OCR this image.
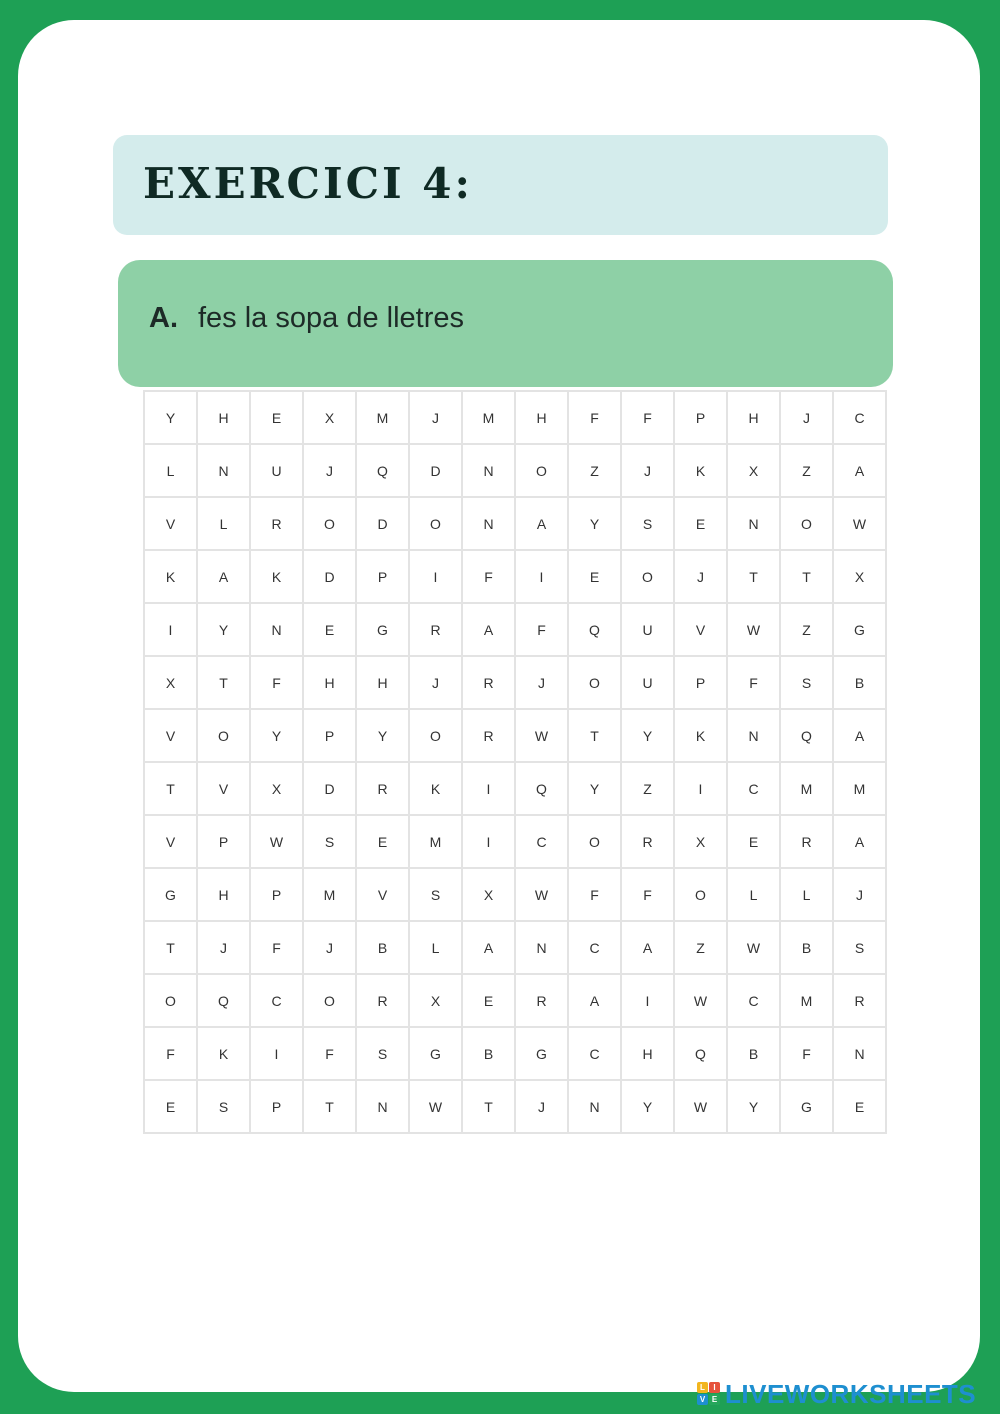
EXERCICI 4:
A. fes la sopa de lletres
Y	H	E	X	M	J	M	H	F	F	P	H	J	C
L	N	U	J	Q	D	N	O	Z	J	K	X	Z	A
V	L	R	O	D	O	N	A	Y	S	E	N	O	W
K	A	K	D	P	I	F	I	E	O	J	T	T	X
I	Y	N	E	G	R	A	F	Q	U	V	W	Z	G
X	T	F	H	H	J	R	J	O	U	P	F	S	B
V	O	Y	P	Y	O	R	W	T	Y	K	N	Q	A
T	V	X	D	R	K	I	Q	Y	Z	I	C	M	M
V	P	W	S	E	M	I	C	O	R	X	E	R	A
G	H	P	M	V	S	X	W	F	F	O	L	L	J
T	J	F	J	B	L	A	N	C	A	Z	W	B	S
O	Q	C	O	R	X	E	R	A	I	W	C	M	R
F	K	I	F	S	G	B	G	C	H	Q	B	F	N
E	S	P	T	N	W	T	J	N	Y	W	Y	G	E
L	I
V E LIVEWORKSHEETS
